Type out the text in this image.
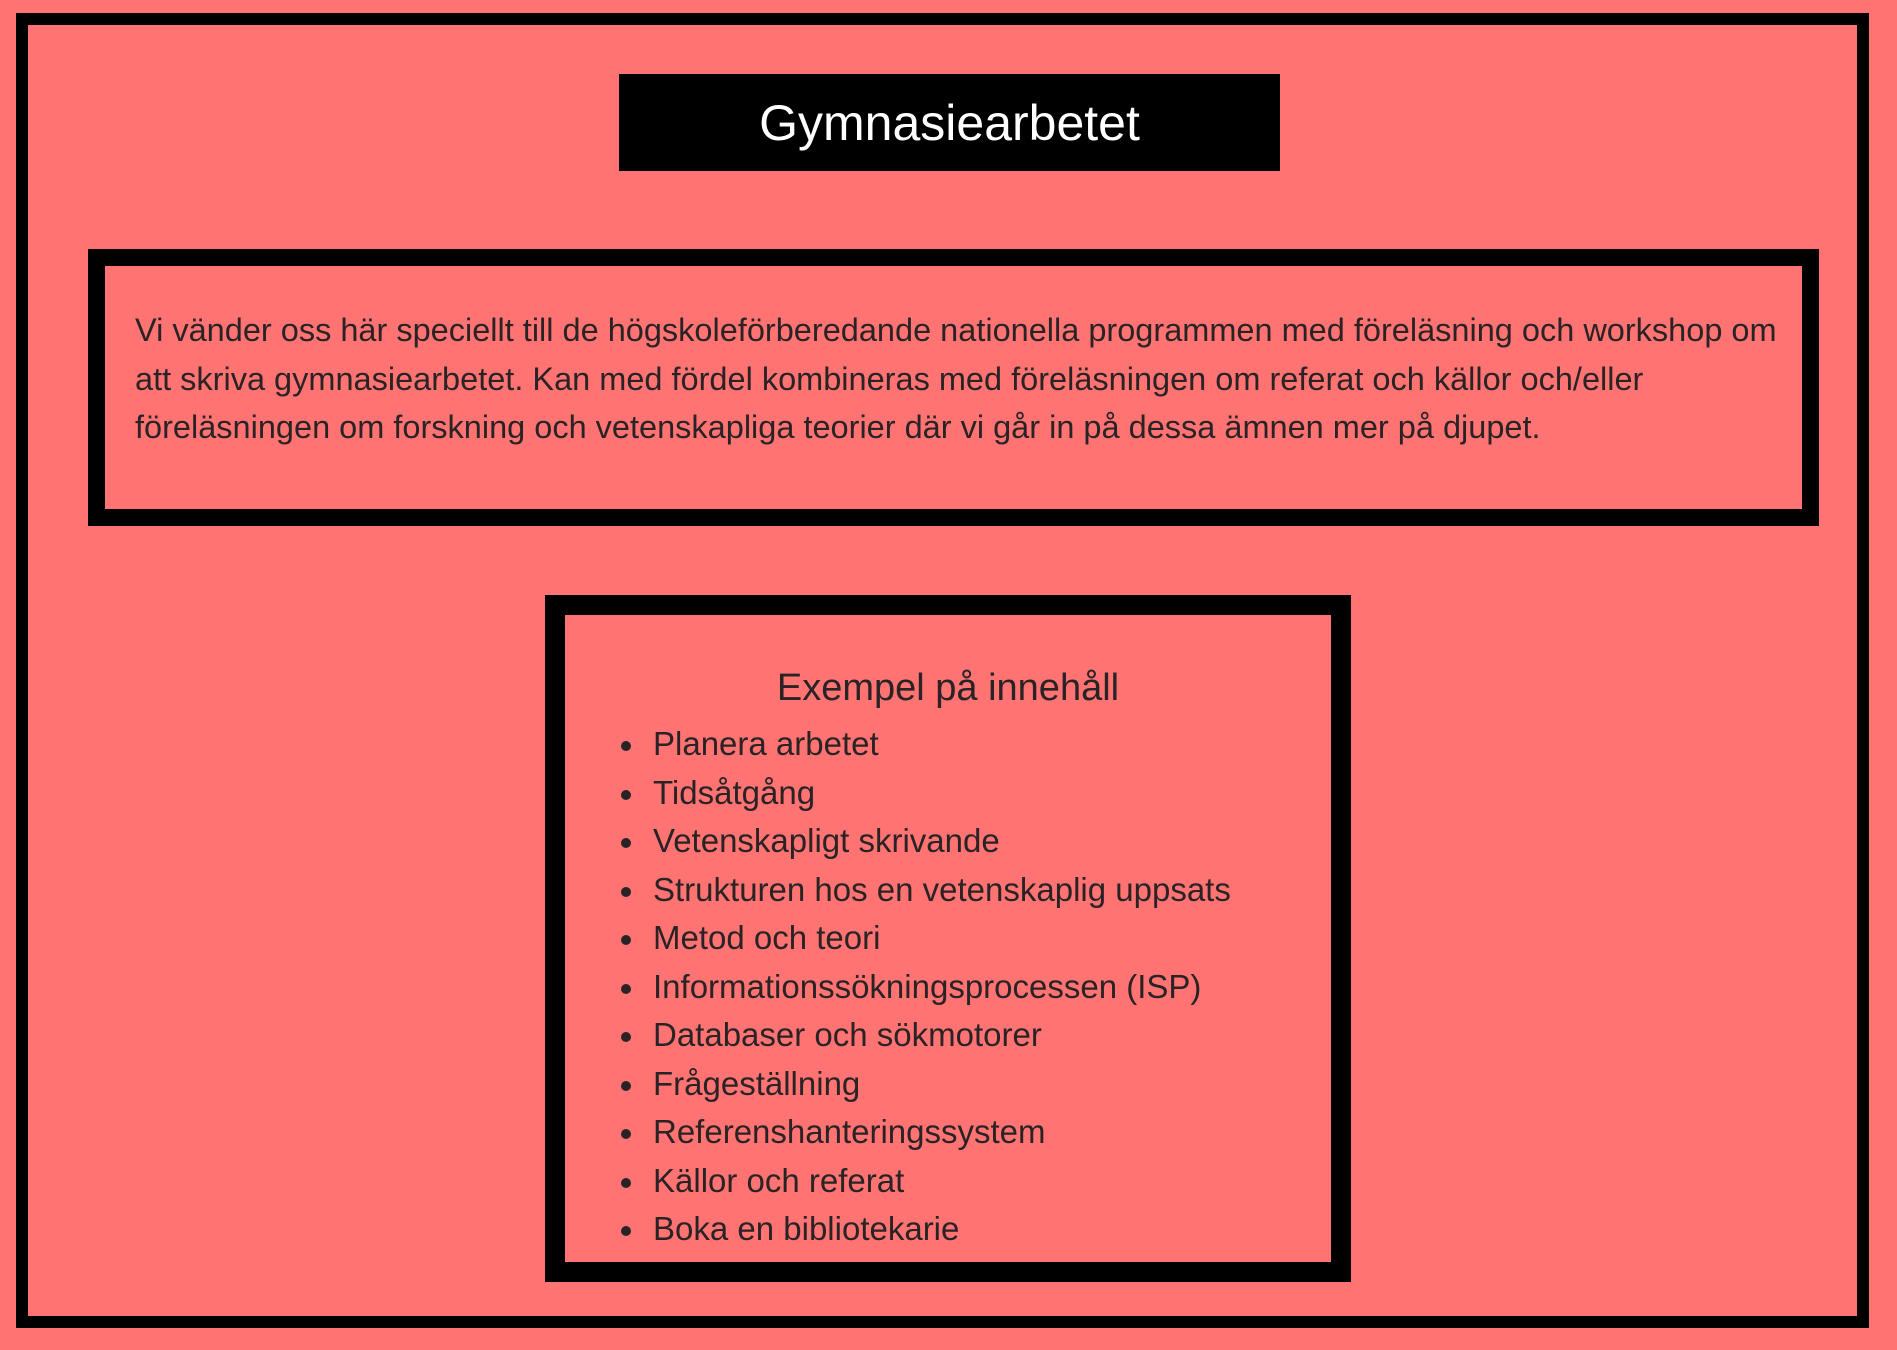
Gymnasiearbetet

Vi vänder oss här speciellt till de högskoleförberedande nationella programmen med föreläsning och workshop om att skriva gymnasiearbetet. Kan med fördel kombineras med föreläsningen om referat och källor och/eller föreläsningen om forskning och vetenskapliga teorier där vi går in på dessa ämnen mer på djupet.

Exempel på innehåll
Planera arbetet
Tidsåtgång
Vetenskapligt skrivande
Strukturen hos en vetenskaplig uppsats
Metod och teori
Informationssökningsprocessen (ISP)
Databaser och sökmotorer
Frågeställning
Referenshanteringssystem
Källor och referat
Boka en bibliotekarie
